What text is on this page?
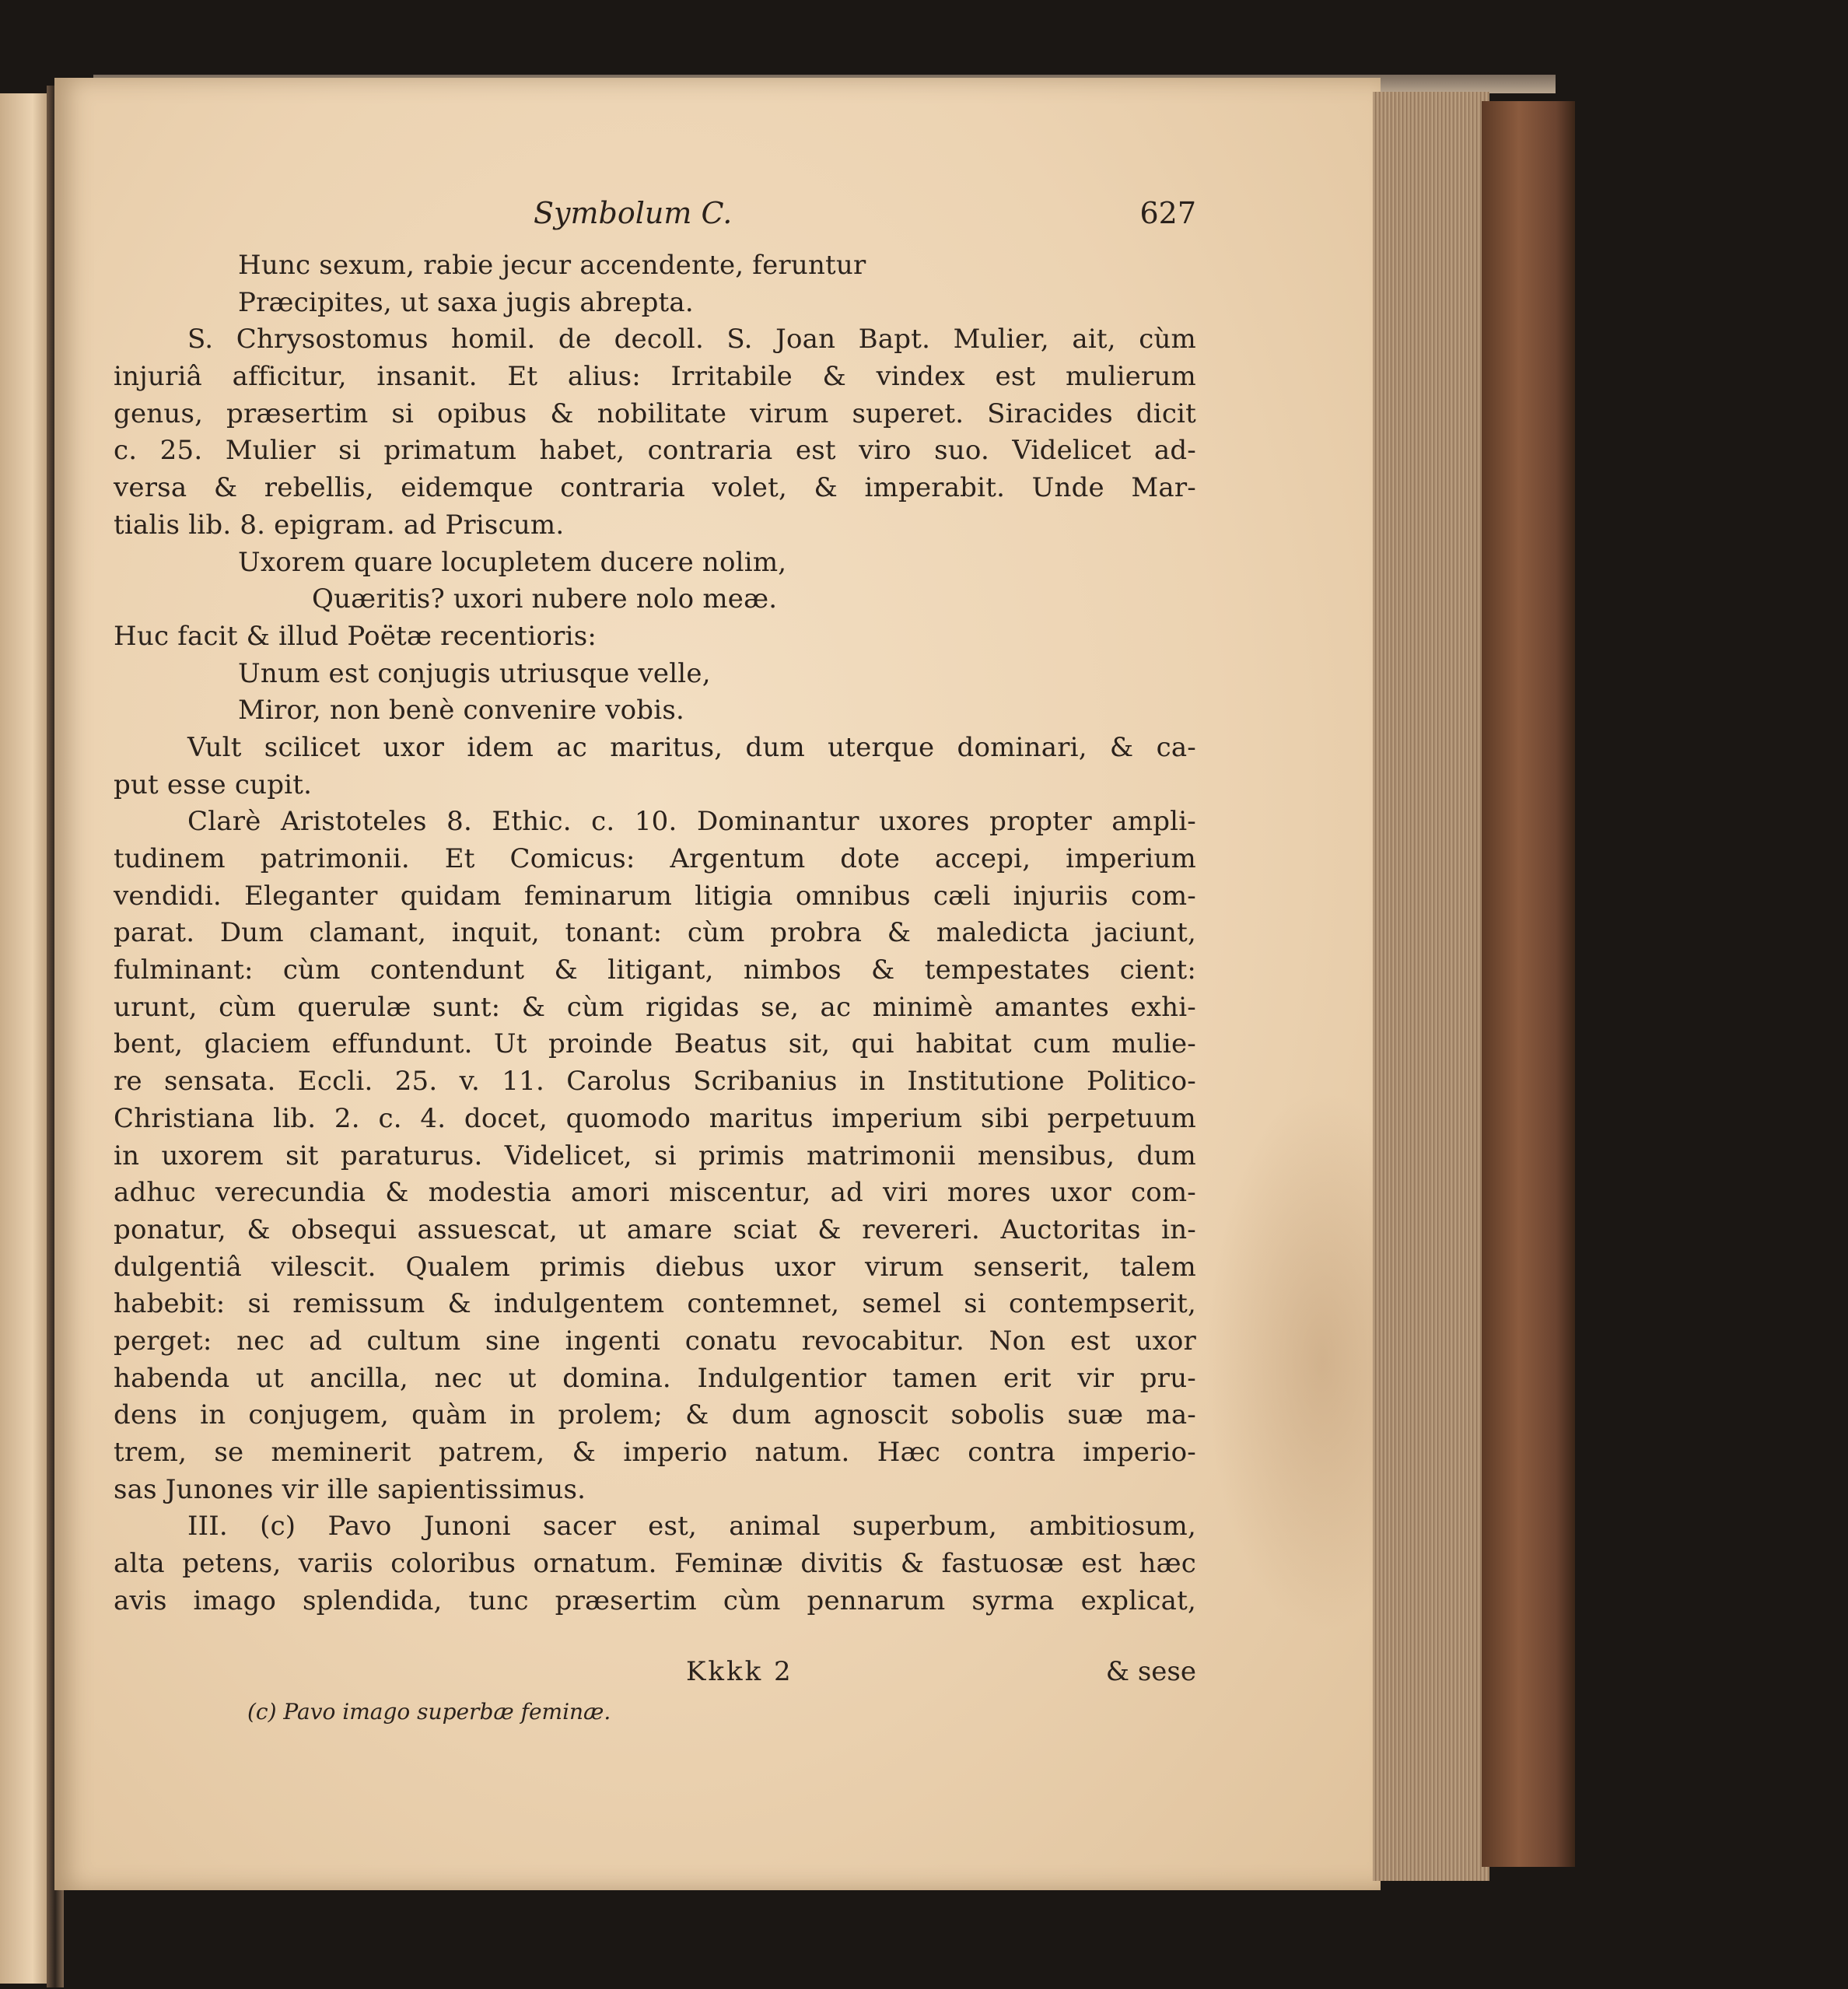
Symbolum C.	627
Hunc sexum, rabie jecur accendente, feruntur
Præcipites, ut saxa jugis abrepta.
S. Chrysostomus homil. de decoll. S. Joan Bapt. Mulier, ait, cùm
injuriâ afficitur, insanit. Et alius: Irritabile & vindex est mulierum
genus, præsertim si opibus & nobilitate virum superet. Siracides dicit
c. 25. Mulier si primatum habet, contraria est viro suo. Videlicet ad-
versa & rebellis, eidemque contraria volet, & imperabit. Unde Mar-
tialis lib. 8. epigram. ad Priscum.
Uxorem quare locupletem ducere nolim,
Quæritis? uxori nubere nolo meæ.
Huc facit & illud Poëtæ recentioris:
Unum est conjugis utriusque velle,
Miror, non benè convenire vobis.
Vult scilicet uxor idem ac maritus, dum uterque dominari, & ca-
put esse cupit.
Clarè Aristoteles 8. Ethic. c. 10. Dominantur uxores propter ampli-
tudinem patrimonii. Et Comicus: Argentum dote accepi, imperium
vendidi. Eleganter quidam feminarum litigia omnibus cæli injuriis com-
parat. Dum clamant, inquit, tonant: cùm probra & maledicta jaciunt,
fulminant: cùm contendunt & litigant, nimbos & tempestates cient:
urunt, cùm querulæ sunt: & cùm rigidas se, ac minimè amantes exhi-
bent, glaciem effundunt. Ut proinde Beatus sit, qui habitat cum mulie-
re sensata. Eccli. 25. v. 11. Carolus Scribanius in Institutione Politico-
Christiana lib. 2. c. 4. docet, quomodo maritus imperium sibi perpetuum
in uxorem sit paraturus. Videlicet, si primis matrimonii mensibus, dum
adhuc verecundia & modestia amori miscentur, ad viri mores uxor com-
ponatur, & obsequi assuescat, ut amare sciat & revereri. Auctoritas in-
dulgentiâ vilescit. Qualem primis diebus uxor virum senserit, talem
habebit: si remissum & indulgentem contemnet, semel si contempserit,
perget: nec ad cultum sine ingenti conatu revocabitur. Non est uxor
habenda ut ancilla, nec ut domina. Indulgentior tamen erit vir pru-
dens in conjugem, quàm in prolem; & dum agnoscit sobolis suæ ma-
trem, se meminerit patrem, & imperio natum. Hæc contra imperio-
sas Junones vir ille sapientissimus.
III. (c) Pavo Junoni sacer est, animal superbum, ambitiosum,
alta petens, variis coloribus ornatum. Feminæ divitis & fastuosæ est hæc
avis imago splendida, tunc præsertim cùm pennarum syrma explicat,
Kkkk 2	& sese
(c) Pavo imago superbæ feminæ.
